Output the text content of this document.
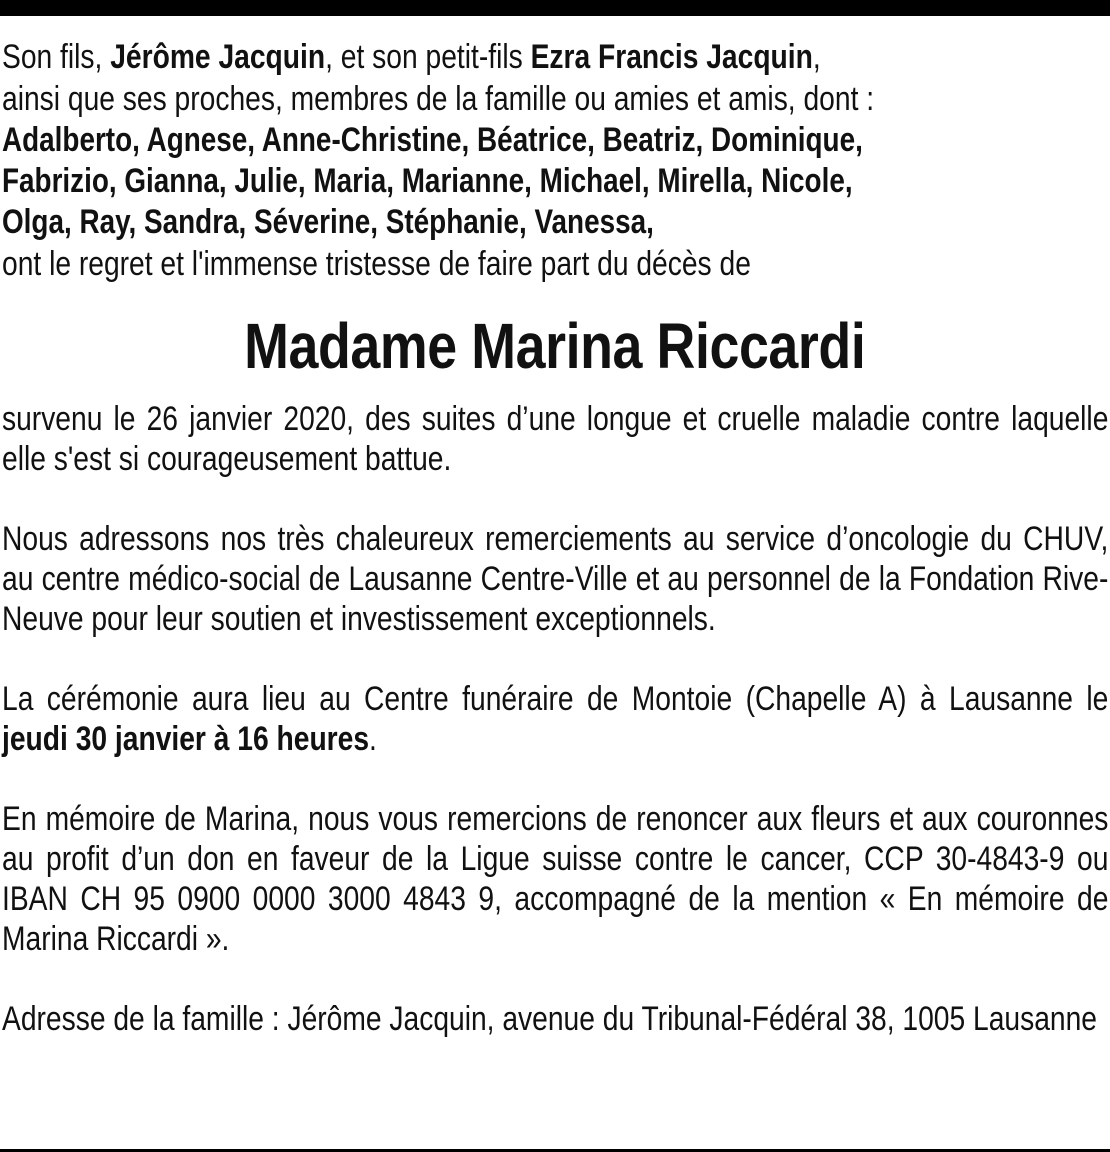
Son fils, Jérôme Jacquin, et son petit-fils Ezra Francis Jacquin,
ainsi que ses proches, membres de la famille ou amies et amis, dont :
Adalberto, Agnese, Anne-Christine, Béatrice, Beatriz, Dominique,
Fabrizio, Gianna, Julie, Maria, Marianne, Michael, Mirella, Nicole,
Olga, Ray, Sandra, Séverine, Stéphanie, Vanessa,
ont le regret et l'immense tristesse de faire part du décès de
Madame Marina Riccardi
survenu le 26 janvier 2020, des suites d’une longue et cruelle maladie contre laquelle elle s'est si courageusement battue.
Nous adressons nos très chaleureux remerciements au service d’oncologie du CHUV, au centre médico-social de Lausanne Centre-Ville et au personnel de la Fondation Rive-Neuve pour leur soutien et investissement exceptionnels.
La cérémonie aura lieu au Centre funéraire de Montoie (Chapelle A) à Lausanne le jeudi 30 janvier à 16 heures.
En mémoire de Marina, nous vous remercions de renoncer aux fleurs et aux couronnes au profit d’un don en faveur de la Ligue suisse contre le cancer, CCP 30-4843-9 ou IBAN CH 95 0900 0000 3000 4843 9, accompagné de la mention « En mémoire de Marina Riccardi ».
Adresse de la famille : Jérôme Jacquin, avenue du Tribunal-Fédéral 38, 1005 Lausanne
